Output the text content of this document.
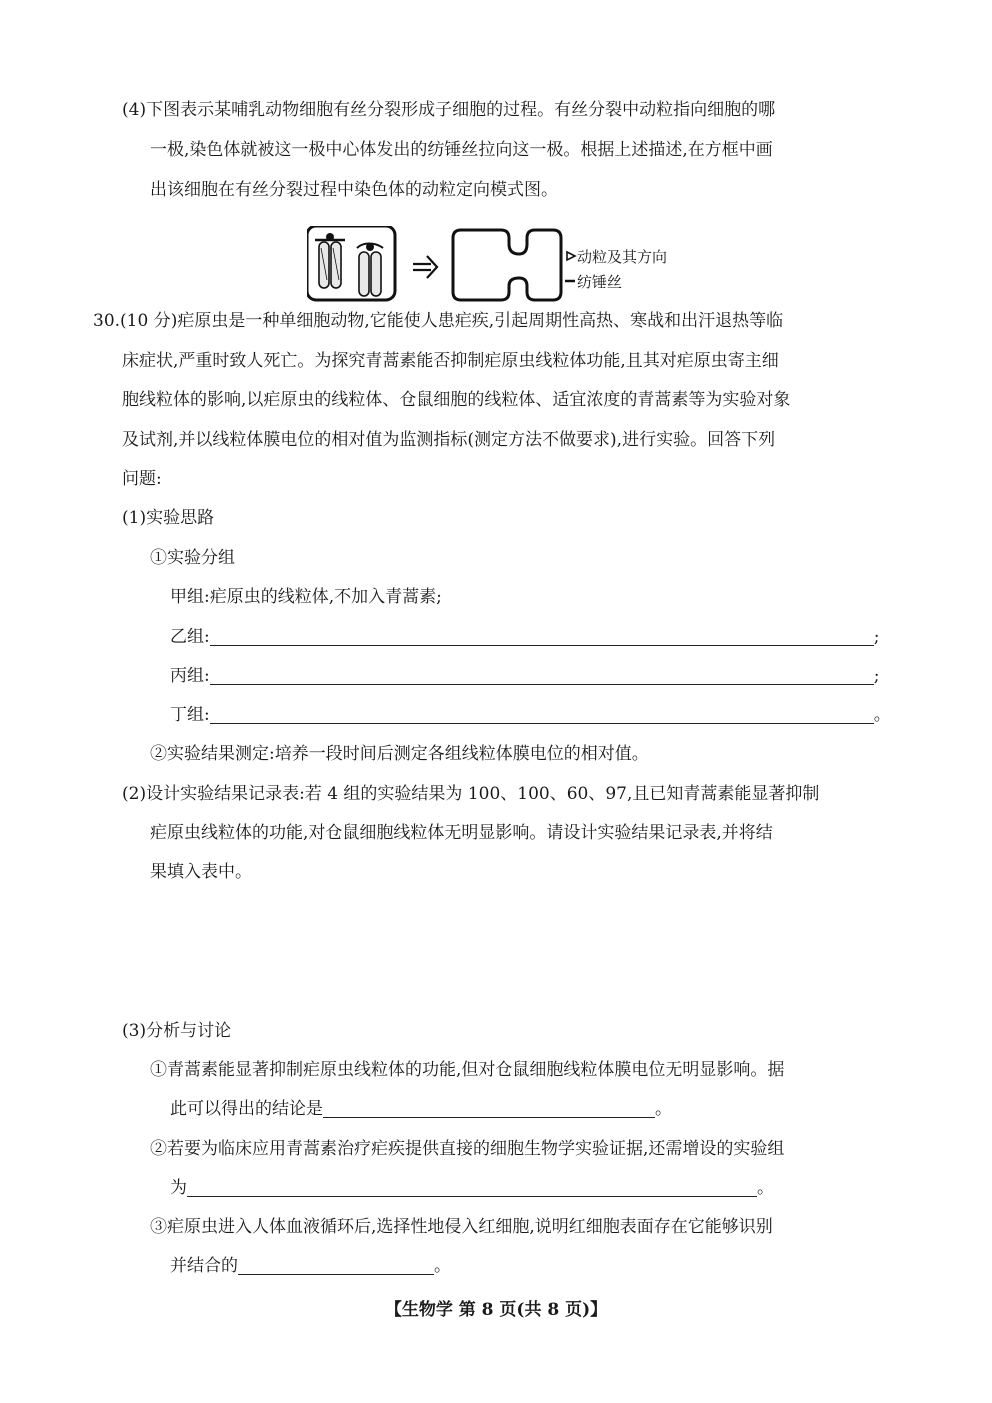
(4)下图表示某哺乳动物细胞有丝分裂形成子细胞的过程。有丝分裂中动粒指向细胞的哪
一极,染色体就被这一极中心体发出的纺锤丝拉向这一极。根据上述描述,在方框中画
出该细胞在有丝分裂过程中染色体的动粒定向模式图。
动粒及其方向
纺锤丝
30.(10 分)疟原虫是一种单细胞动物,它能使人患疟疾,引起周期性高热、寒战和出汗退热等临
床症状,严重时致人死亡。为探究青蒿素能否抑制疟原虫线粒体功能,且其对疟原虫寄主细
胞线粒体的影响,以疟原虫的线粒体、仓鼠细胞的线粒体、适宜浓度的青蒿素等为实验对象
及试剂,并以线粒体膜电位的相对值为监测指标(测定方法不做要求),进行实验。回答下列
问题:
(1)实验思路
①实验分组
甲组:疟原虫的线粒体,不加入青蒿素;
乙组:	;
丙组:	;
丁组:	。
②实验结果测定:培养一段时间后测定各组线粒体膜电位的相对值。
(2)设计实验结果记录表:若 4 组的实验结果为 100、100、60、97,且已知青蒿素能显著抑制
疟原虫线粒体的功能,对仓鼠细胞线粒体无明显影响。请设计实验结果记录表,并将结
果填入表中。
(3)分析与讨论
①青蒿素能显著抑制疟原虫线粒体的功能,但对仓鼠细胞线粒体膜电位无明显影响。据
此可以得出的结论是	。
②若要为临床应用青蒿素治疗疟疾提供直接的细胞生物学实验证据,还需增设的实验组
为	。
③疟原虫进入人体血液循环后,选择性地侵入红细胞,说明红细胞表面存在它能够识别
并结合的	。
【生物学 第 8 页(共 8 页)】
